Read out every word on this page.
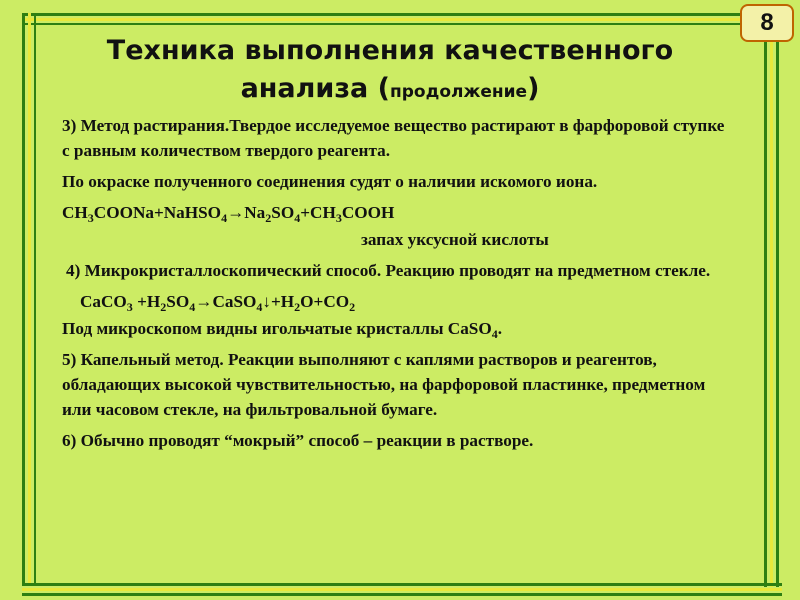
8
Техника выполнения качественного
анализа (продолжение)

3) Метод растирания.Твердое исследуемое вещество растирают в фарфоровой ступке с равным количеством твердого реагента.

По окраске полученного соединения судят о наличии искомого иона.

$CH_3COONa+NaHSO_4\to Na_2SO_4+CH_3COOH$

запах уксусной кислоты

4) Микрокристаллоскопический способ. Реакцию проводят на предметном стекле.

CaCO$_3$ $+H_2SO_4\to CaSO_4↓+H_2O+CO_2$

Под микроскопом видны игольчатые кристаллы CaSO$_4$.

5) Капельный метод. Реакции выполняют с каплями растворов и реагентов, обладающих высокой чувствительностью, на фарфоровой пластинке, предметном или часовом стекле, на фильтровальной бумаге.

6) Обычно проводят “мокрый” способ – реакции в растворе.
